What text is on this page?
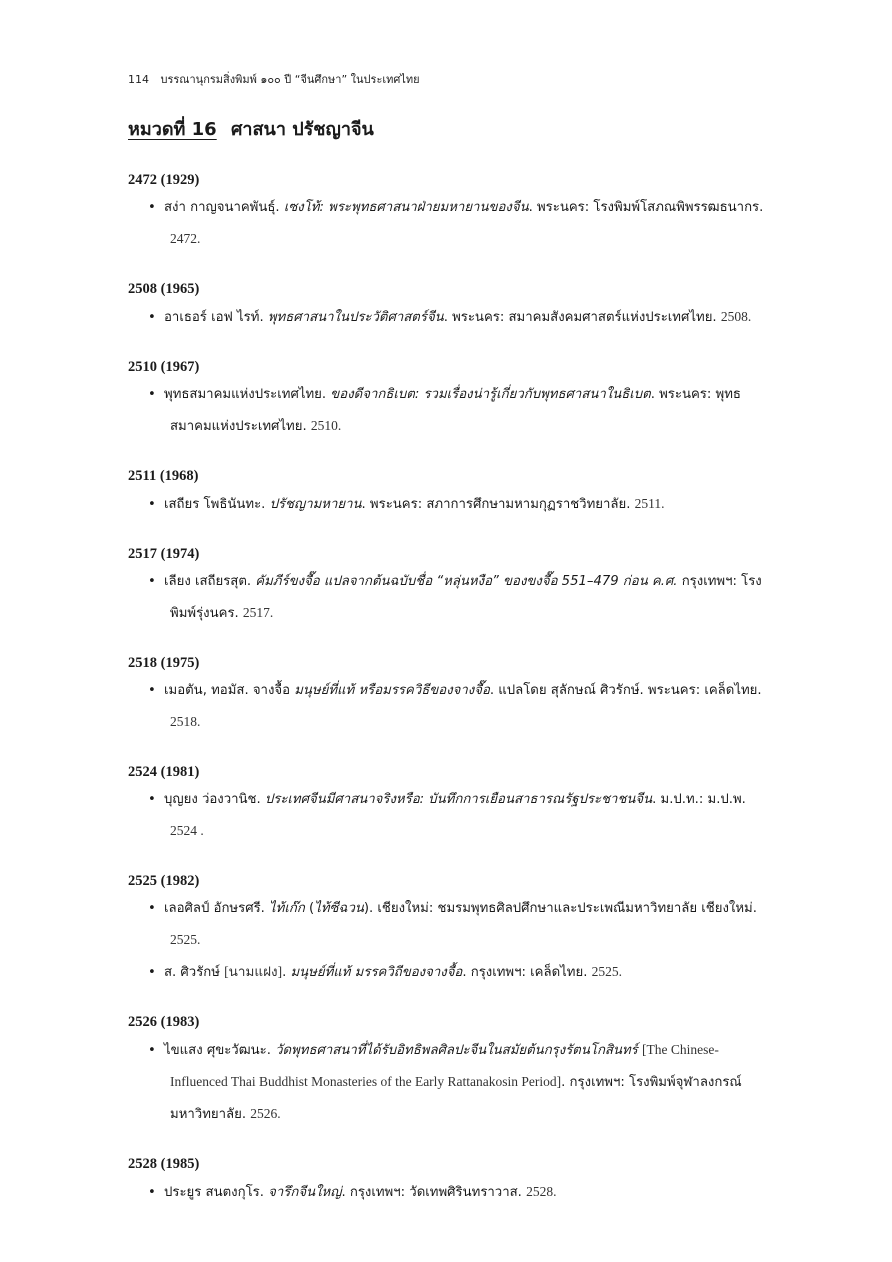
114 บรรณานุกรมสิ่งพิมพ์ ๑๐๐ ปี “จีนศึกษา” ในประเทศไทย
หมวดที่ 16 ศาสนา ปรัชญาจีน
2472 (1929)
• สง่า กาญจนาคพันธุ์. เซงโท้: พระพุทธศาสนาฝ่ายมหายานของจีน. พระนคร: โรงพิมพ์โสภณพิพรรฒธนากร. 2472.
2508 (1965)
• อาเธอร์ เอฟ ไรท์. พุทธศาสนาในประวัติศาสตร์จีน. พระนคร: สมาคมสังคมศาสตร์แห่งประเทศไทย. 2508.
2510 (1967)
• พุทธสมาคมแห่งประเทศไทย. ของดีจากธิเบต: รวมเรื่องน่ารู้เกี่ยวกับพุทธศาสนาในธิเบต. พระนคร: พุทธสมาคมแห่งประเทศไทย. 2510.
2511 (1968)
• เสถียร โพธินันทะ. ปรัชญามหายาน. พระนคร: สภาการศึกษามหามกุฏราชวิทยาลัย. 2511.
2517 (1974)
• เลียง เสถียรสุต. คัมภีร์ขงจื๊อ แปลจากต้นฉบับชื่อ “หลุ่นหงือ” ของขงจื๊อ 551–479 ก่อน ค.ศ. กรุงเทพฯ: โรงพิมพ์รุ่งนคร. 2517.
2518 (1975)
• เมอตัน, ทอมัส. จางจื้อ มนุษย์ที่แท้ หรือมรรควิธีของจางจื๊อ. แปลโดย สุลักษณ์ ศิวรักษ์. พระนคร: เคล็ดไทย. 2518.
2524 (1981)
• บุญยง ว่องวานิช. ประเทศจีนมีศาสนาจริงหรือ: บันทึกการเยือนสาธารณรัฐประชาชนจีน. ม.ป.ท.: ม.ป.พ. 2524 .
2525 (1982)
• เลอศิลป์ อักษรศรี. ไท้เก๊ก (ไท้ซีฉวน). เชียงใหม่: ชมรมพุทธศิลปศึกษาและประเพณีมหาวิทยาลัย เชียงใหม่. 2525.
• ส. ศิวรักษ์ [นามแฝง]. มนุษย์ที่แท้ มรรควิถีของจางจื้อ. กรุงเทพฯ: เคล็ดไทย. 2525.
2526 (1983)
• ไขแสง ศุขะวัฒนะ. วัดพุทธศาสนาที่ได้รับอิทธิพลศิลปะจีนในสมัยต้นกรุงรัตนโกสินทร์ [The Chinese-Influenced Thai Buddhist Monasteries of the Early Rattanakosin Period]. กรุงเทพฯ: โรงพิมพ์จุฬาลงกรณ์มหาวิทยาลัย. 2526.
2528 (1985)
• ประยูร สนตงกุโร. จารึกจีนใหญ่. กรุงเทพฯ: วัดเทพศิรินทราวาส. 2528.
